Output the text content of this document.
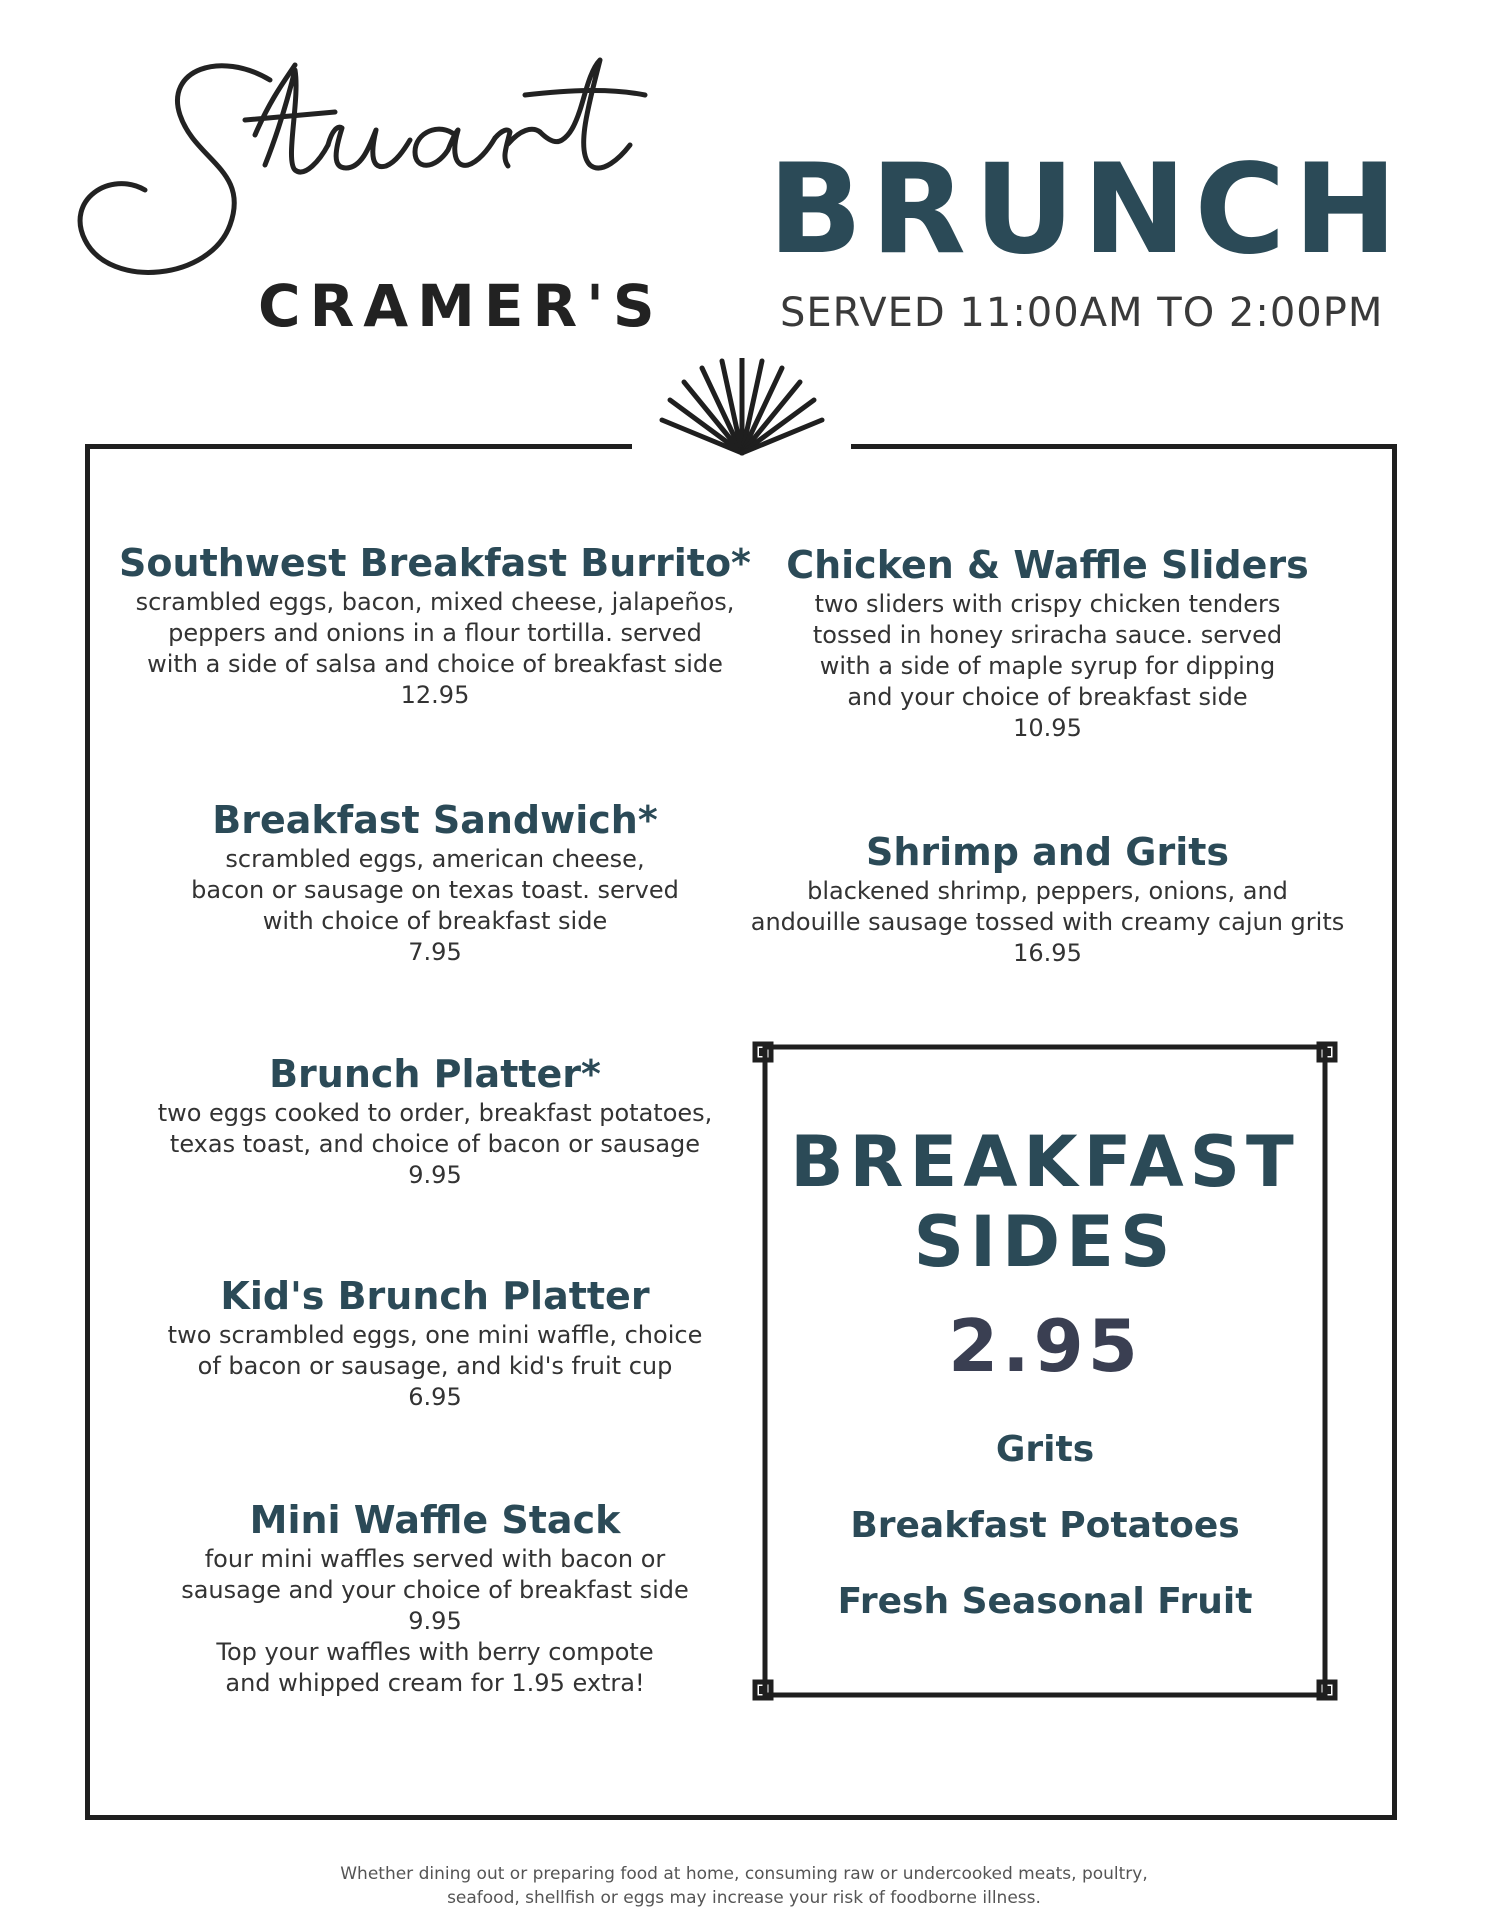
CRAMER'S
BRUNCH
SERVED 11:00AM TO 2:00PM
Southwest Breakfast Burrito*
scrambled eggs, bacon, mixed cheese, jalapeños,
peppers and onions in a flour tortilla. served
with a side of salsa and choice of breakfast side
12.95
Breakfast Sandwich*
scrambled eggs, american cheese,
bacon or sausage on texas toast. served
with choice of breakfast side
7.95
Brunch Platter*
two eggs cooked to order, breakfast potatoes,
texas toast, and choice of bacon or sausage
9.95
Kid's Brunch Platter
two scrambled eggs, one mini waffle, choice
of bacon or sausage, and kid's fruit cup
6.95
Mini Waffle Stack
four mini waffles served with bacon or
sausage and your choice of breakfast side
9.95
Top your waffles with berry compote
and whipped cream for 1.95 extra!
Chicken & Waffle Sliders
two sliders with crispy chicken tenders
tossed in honey sriracha sauce. served
with a side of maple syrup for dipping
and your choice of breakfast side
10.95
Shrimp and Grits
blackened shrimp, peppers, onions, and
andouille sausage tossed with creamy cajun grits
16.95
BREAKFAST
SIDES
2.95
Grits
Breakfast Potatoes
Fresh Seasonal Fruit
Whether dining out or preparing food at home, consuming raw or undercooked meats, poultry,
seafood, shellfish or eggs may increase your risk of foodborne illness.
